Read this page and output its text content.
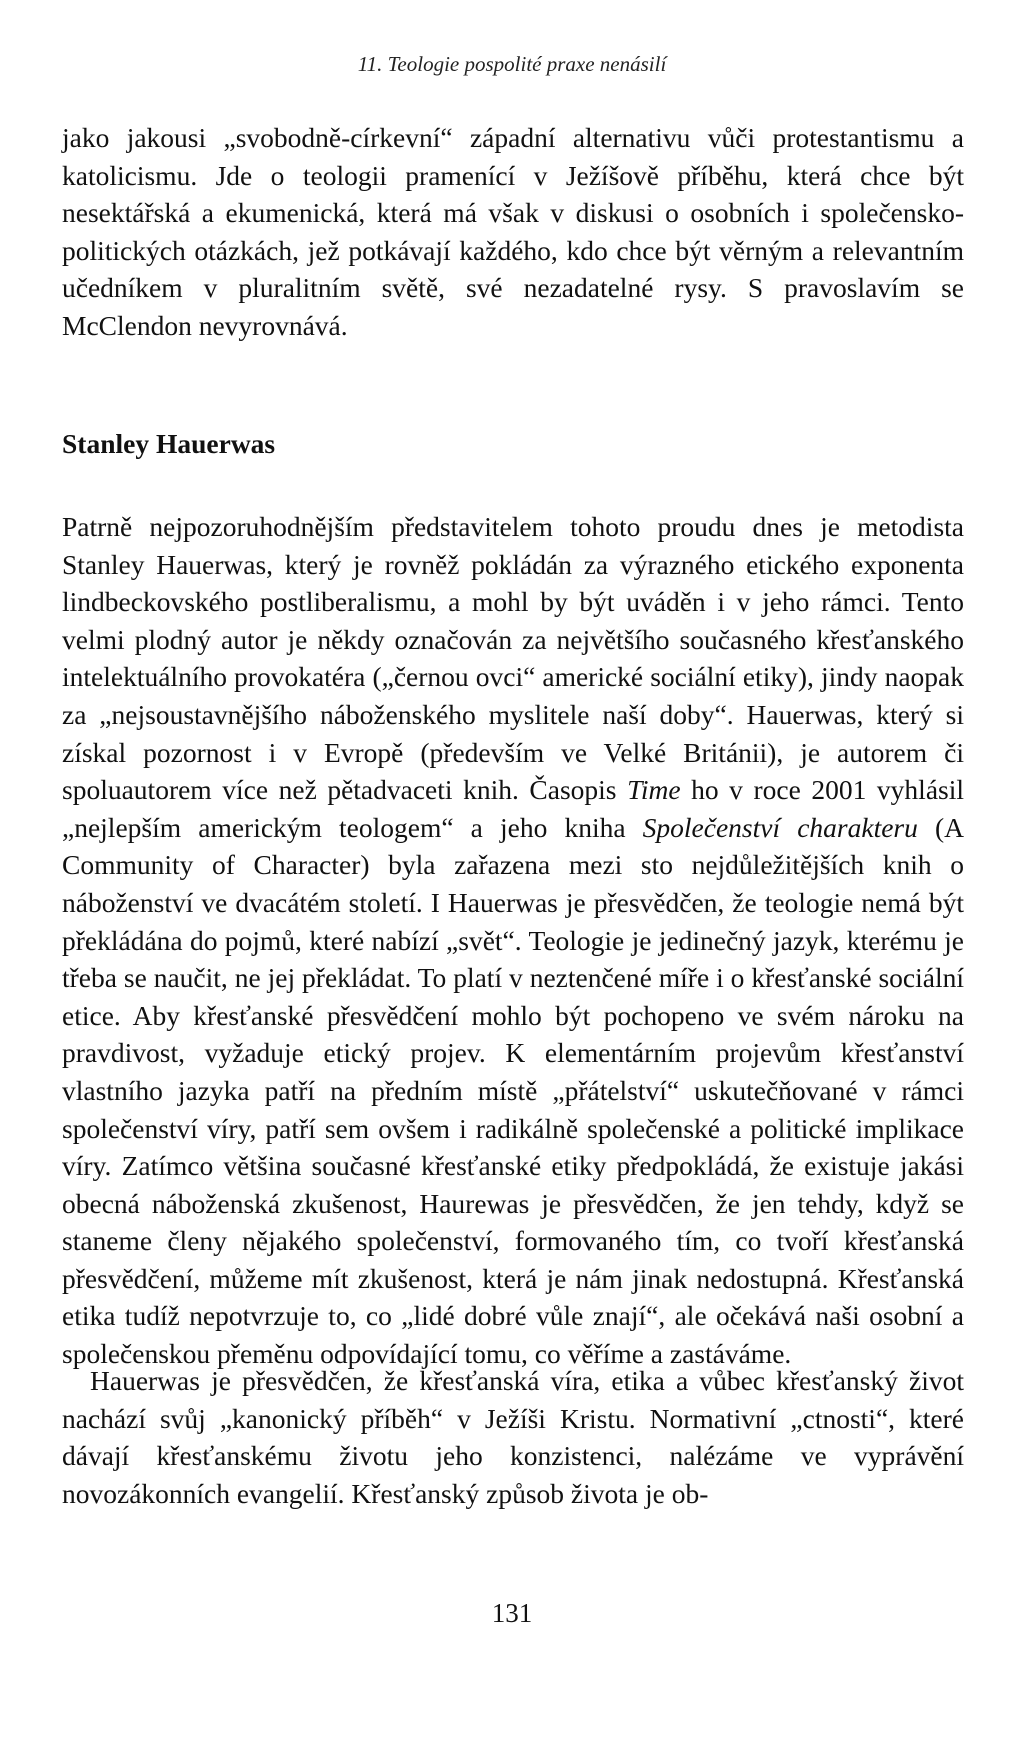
11. Teologie pospolité praxe nenásilí
jako jakousi „svobodně-církevní“ západní alternativu vůči protestantismu a katolicismu. Jde o teologii pramenící v Ježíšově příběhu, která chce být nesektářská a ekumenická, která má však v diskusi o osobních i společensko-politických otázkách, jež potkávají každého, kdo chce být věrným a relevantním učedníkem v pluralitním světě, své nezadatelné rysy. S pravoslavím se McClendon nevyrovnává.
Stanley Hauerwas
Patrně nejpozoruhodnějším představitelem tohoto proudu dnes je metodista Stanley Hauerwas, který je rovněž pokládán za výrazného etického exponenta lindbeckovského postliberalismu, a mohl by být uváděn i v jeho rámci. Tento velmi plodný autor je někdy označován za největšího současného křesťanského intelektuálního provokatéra („černou ovci“ americké sociální etiky), jindy naopak za „nejsoustavnějšího náboženského myslitele naší doby“. Hauerwas, který si získal pozornost i v Evropě (především ve Velké Británii), je autorem či spoluautorem více než pětadvaceti knih. Časopis Time ho v roce 2001 vyhlásil „nejlepším americkým teologem“ a jeho kniha Společenství charakteru (A Community of Character) byla zařazena mezi sto nejdůležitějších knih o náboženství ve dvacátém století. I Hauerwas je přesvědčen, že teologie nemá být překládána do pojmů, které nabízí „svět“. Teologie je jedinečný jazyk, kterému je třeba se naučit, ne jej překládat. To platí v neztenčené míře i o křesťanské sociální etice. Aby křesťanské přesvědčení mohlo být pochopeno ve svém nároku na pravdivost, vyžaduje etický projev. K elementárním projevům křesťanství vlastního jazyka patří na předním místě „přátelství“ uskutečňované v rámci společenství víry, patří sem ovšem i radikálně společenské a politické implikace víry. Zatímco většina současné křesťanské etiky předpokládá, že existuje jakási obecná náboženská zkušenost, Haurewas je přesvědčen, že jen tehdy, když se staneme členy nějakého společenství, formovaného tím, co tvoří křesťanská přesvědčení, můžeme mít zkušenost, která je nám jinak nedostupná. Křesťanská etika tudíž nepotvrzuje to, co „lidé dobré vůle znají“, ale očekává naši osobní a společenskou přeměnu odpovídající tomu, co věříme a zastáváme.
Hauerwas je přesvědčen, že křesťanská víra, etika a vůbec křesťanský život nachází svůj „kanonický příběh“ v Ježíši Kristu. Normativní „ctnosti“, které dávají křesťanskému životu jeho konzistenci, nalézáme ve vyprávění novozákonních evangelií. Křesťanský způsob života je ob-
131
